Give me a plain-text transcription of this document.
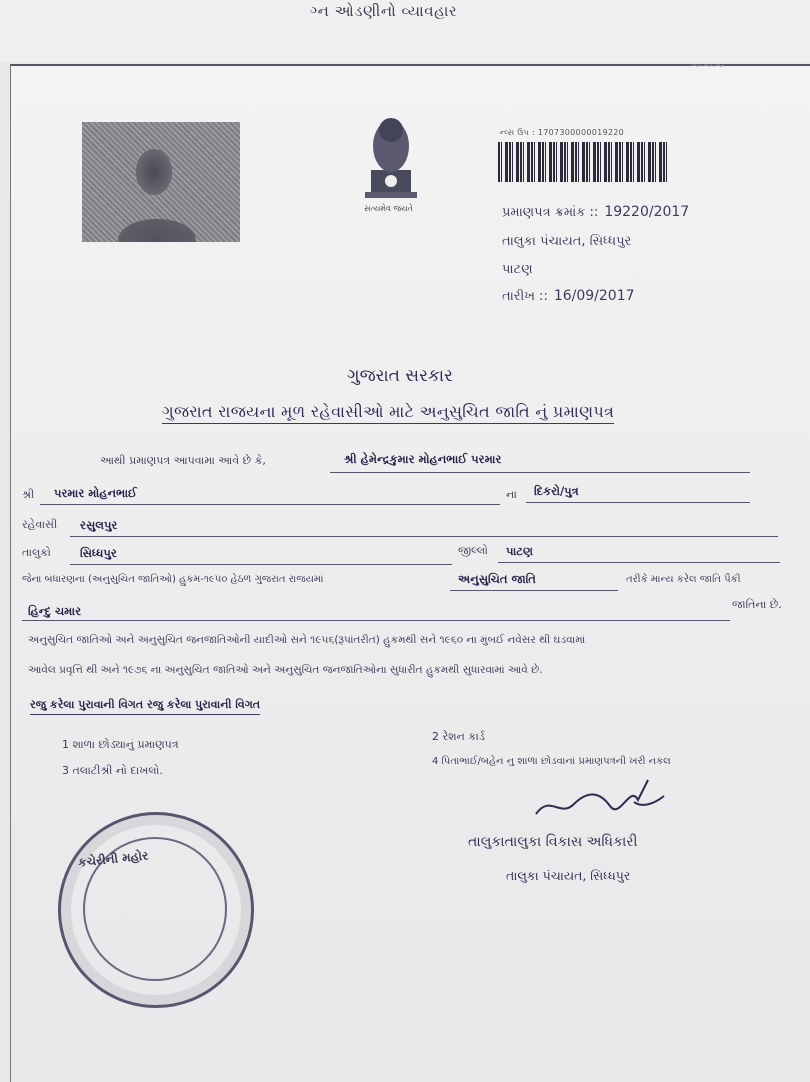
ગ્ન ઓડણીનો વ્યાવહાર
~~~
સત્યમેવ જયતે
ન્વ્સ ઉપ : 1707300000019220
પ્રમાણપત્ર ક્રમાંક :: 19220/2017
તાલુકા પંચાયત, સિધ્ધપુર
પાટણ
તારીખ :: 16/09/2017
ગુજરાત સરકાર
ગુજરાત રાજયના મૂળ રહેવાસીઓ માટે અનુસુચિત જાતિ નું પ્રમાણપત્ર
આથી પ્રમાણપત્ર આપવામા આવે છે કે,	શ્રી હેમેન્દ્રકુમાર મોહનભાઈ પરમાર
શ્રી પરમાર મોહનભાઈ	ના દિકરો/પુત્ર
રહેવાસી રસુલપુર
તાલુકો	સિધ્ધપુર	જીલ્લો પાટણ
જેના બંધારણના (અનુસુચિત જાતિઓ) હુકમ-૧૯૫૦ હેઠળ ગુજરાત રાજયમાં	અનુસુચિત જાતિ	તરીકે માન્ય કરેલ જાતિ પૈકી
હિન્દુ ચમાર	જાતિના છે.
અનુસુચિત જાતિઓ અને અનુસુચિત જનજાતિઓની યાદીઓ સને ૧૯૫૬(રૂપાંતરીત) હુકમથી સને ૧૯૬૦ ના મુંબઈ નવેસર થી ઘડવામાં
આવેલ પ્રવૃત્તિ થી અને ૧૯૭૬ ના અનુસુચિત જાતિઓ અને અનુસુચિત જનજાતિઓના સુધારીત હુકમથી સુધારવામાં આવે છે.
રજુ કરેલા પુરાવાની વિગત રજુ કરેલા પુરાવાની વિગત
1 શાળા છોડ્યાનું પ્રમાણપત્ર
2 રેશન કાર્ડ
3 તલાટીશ્રી નો દાખલો.
4 પિતાભાઈ/બહેન નુ શાળા છોડવાનાં પ્રમાણપત્રની ખરી નકલ
તાલુકાતાલુકા વિકાસ અધિકારી
તાલુકા પંચાયત, સિધ્ધપુર
કચેરીની મહોર
